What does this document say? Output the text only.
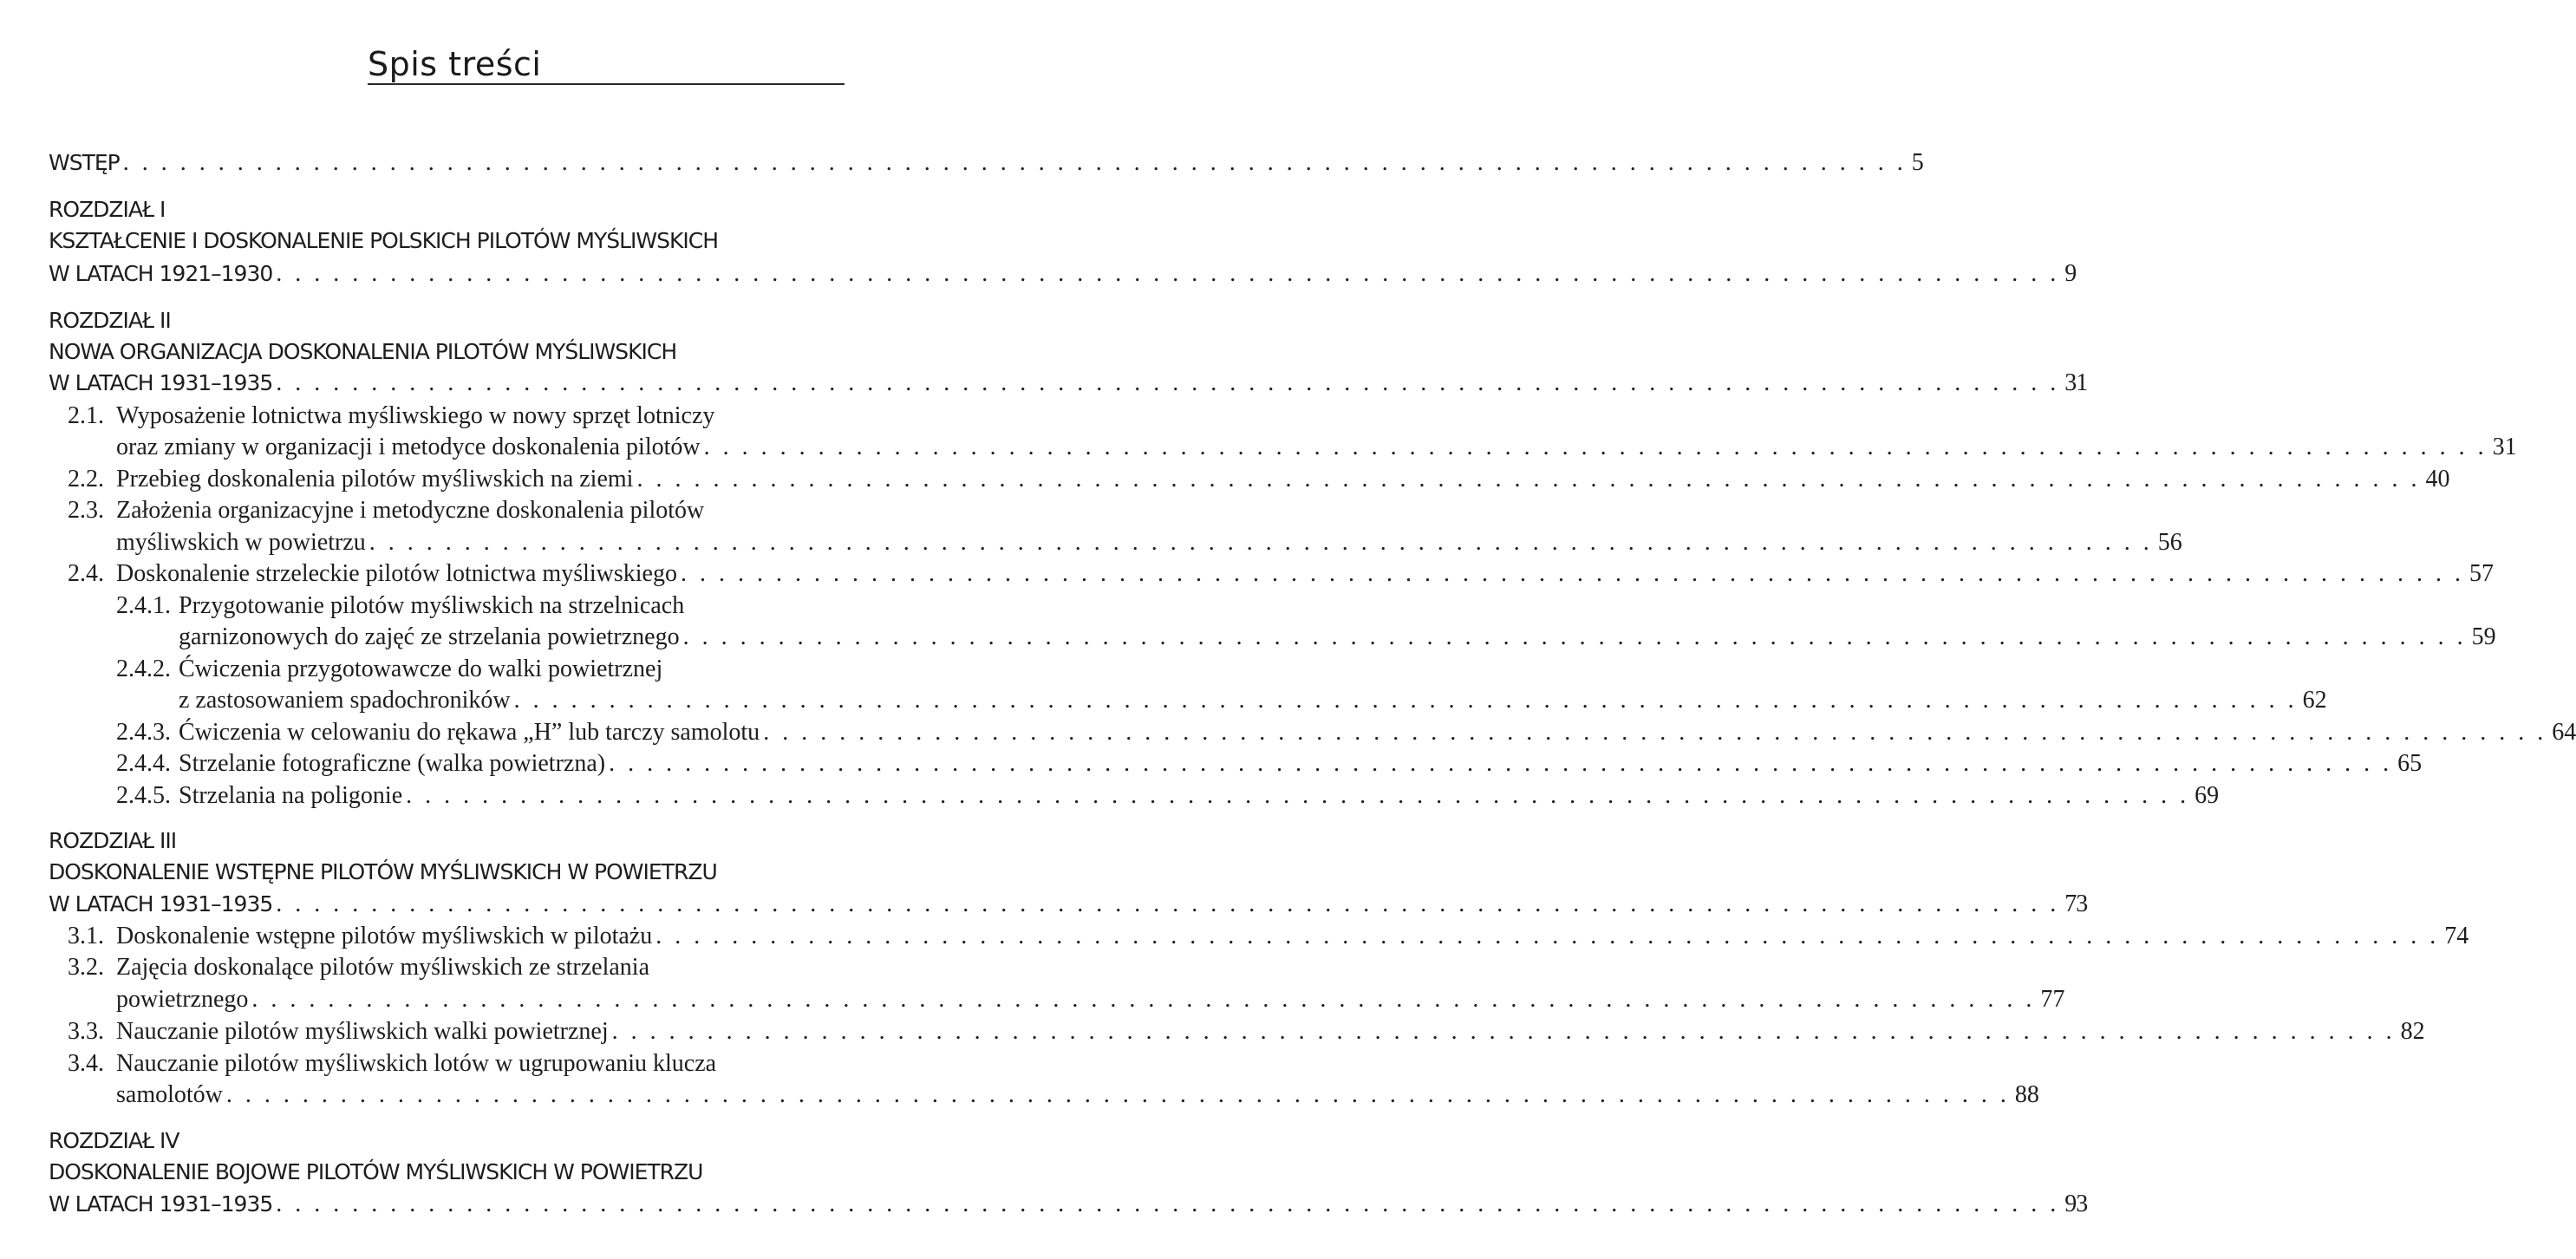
Spis treści
WSTĘP . . . . . . . . . . . . . . . . . . . . . . . . . . . . . . . . . . . . . . . . . . . . . . . . . . . . . . . . . . . . . . . . . . . . . . . . . . . . . . . . . . . . . . . . . . . . . . 5
ROZDZIAŁ I
KSZTAŁCENIE I DOSKONALENIE POLSKICH PILOTÓW MYŚLIWSKICH
W LATACH 1921–1930 . . . . . . . . . . . . . . . . . . . . . . . . . . . . . . . . . . . . . . . . . . . . . . . . . . . . . . . . . . . . . . . . . . . . . . . . . . . . . . . . . . . . . . . . . . . . . . 9
ROZDZIAŁ II
NOWA ORGANIZACJA DOSKONALENIA PILOTÓW MYŚLIWSKICH
W LATACH 1931–1935 . . . . . . . . . . . . . . . . . . . . . . . . . . . . . . . . . . . . . . . . . . . . . . . . . . . . . . . . . . . . . . . . . . . . . . . . . . . . . . . . . . . . . . . . . . . . . . 31
2.1. Wyposażenie lotnictwa myśliwskiego w nowy sprzęt lotniczy
oraz zmiany w organizacji i metodyce doskonalenia pilotów . . . . . . . . . . . . . . . . . . . . . . . . . . . . . . . . . . . . . . . . . . . . . . . . . . . . . . . . . . . . . . . . . . . . . . . . . . . . . . . . . . . . . . . . . . . . . . 31
2.2. Przebieg doskonalenia pilotów myśliwskich na ziemi . . . . . . . . . . . . . . . . . . . . . . . . . . . . . . . . . . . . . . . . . . . . . . . . . . . . . . . . . . . . . . . . . . . . . . . . . . . . . . . . . . . . . . . . . . . . . . 40
2.3. Założenia organizacyjne i metodyczne doskonalenia pilotów
myśliwskich w powietrzu . . . . . . . . . . . . . . . . . . . . . . . . . . . . . . . . . . . . . . . . . . . . . . . . . . . . . . . . . . . . . . . . . . . . . . . . . . . . . . . . . . . . . . . . . . . . . . 56
2.4. Doskonalenie strzeleckie pilotów lotnictwa myśliwskiego . . . . . . . . . . . . . . . . . . . . . . . . . . . . . . . . . . . . . . . . . . . . . . . . . . . . . . . . . . . . . . . . . . . . . . . . . . . . . . . . . . . . . . . . . . . . . . 57
2.4.1. Przygotowanie pilotów myśliwskich na strzelnicach
garnizonowych do zajęć ze strzelania powietrznego . . . . . . . . . . . . . . . . . . . . . . . . . . . . . . . . . . . . . . . . . . . . . . . . . . . . . . . . . . . . . . . . . . . . . . . . . . . . . . . . . . . . . . . . . . . . . . 59
2.4.2. Ćwiczenia przygotowawcze do walki powietrznej
z zastosowaniem spadochroników . . . . . . . . . . . . . . . . . . . . . . . . . . . . . . . . . . . . . . . . . . . . . . . . . . . . . . . . . . . . . . . . . . . . . . . . . . . . . . . . . . . . . . . . . . . . . . 62
2.4.3. Ćwiczenia w celowaniu do rękawa „H” lub tarczy samolotu . . . . . . . . . . . . . . . . . . . . . . . . . . . . . . . . . . . . . . . . . . . . . . . . . . . . . . . . . . . . . . . . . . . . . . . . . . . . . . . . . . . . . . . . . . . . . . 64
2.4.4. Strzelanie fotograficzne (walka powietrzna) . . . . . . . . . . . . . . . . . . . . . . . . . . . . . . . . . . . . . . . . . . . . . . . . . . . . . . . . . . . . . . . . . . . . . . . . . . . . . . . . . . . . . . . . . . . . . . 65
2.4.5. Strzelania na poligonie . . . . . . . . . . . . . . . . . . . . . . . . . . . . . . . . . . . . . . . . . . . . . . . . . . . . . . . . . . . . . . . . . . . . . . . . . . . . . . . . . . . . . . . . . . . . . . 69
ROZDZIAŁ III
DOSKONALENIE WSTĘPNE PILOTÓW MYŚLIWSKICH W POWIETRZU
W LATACH 1931–1935 . . . . . . . . . . . . . . . . . . . . . . . . . . . . . . . . . . . . . . . . . . . . . . . . . . . . . . . . . . . . . . . . . . . . . . . . . . . . . . . . . . . . . . . . . . . . . . 73
3.1. Doskonalenie wstępne pilotów myśliwskich w pilotażu . . . . . . . . . . . . . . . . . . . . . . . . . . . . . . . . . . . . . . . . . . . . . . . . . . . . . . . . . . . . . . . . . . . . . . . . . . . . . . . . . . . . . . . . . . . . . . 74
3.2. Zajęcia doskonalące pilotów myśliwskich ze strzelania
powietrznego . . . . . . . . . . . . . . . . . . . . . . . . . . . . . . . . . . . . . . . . . . . . . . . . . . . . . . . . . . . . . . . . . . . . . . . . . . . . . . . . . . . . . . . . . . . . . . 77
3.3. Nauczanie pilotów myśliwskich walki powietrznej . . . . . . . . . . . . . . . . . . . . . . . . . . . . . . . . . . . . . . . . . . . . . . . . . . . . . . . . . . . . . . . . . . . . . . . . . . . . . . . . . . . . . . . . . . . . . . 82
3.4. Nauczanie pilotów myśliwskich lotów w ugrupowaniu klucza
samolotów . . . . . . . . . . . . . . . . . . . . . . . . . . . . . . . . . . . . . . . . . . . . . . . . . . . . . . . . . . . . . . . . . . . . . . . . . . . . . . . . . . . . . . . . . . . . . . 88
ROZDZIAŁ IV
DOSKONALENIE BOJOWE PILOTÓW MYŚLIWSKICH W POWIETRZU
W LATACH 1931–1935 . . . . . . . . . . . . . . . . . . . . . . . . . . . . . . . . . . . . . . . . . . . . . . . . . . . . . . . . . . . . . . . . . . . . . . . . . . . . . . . . . . . . . . . . . . . . . . 93
